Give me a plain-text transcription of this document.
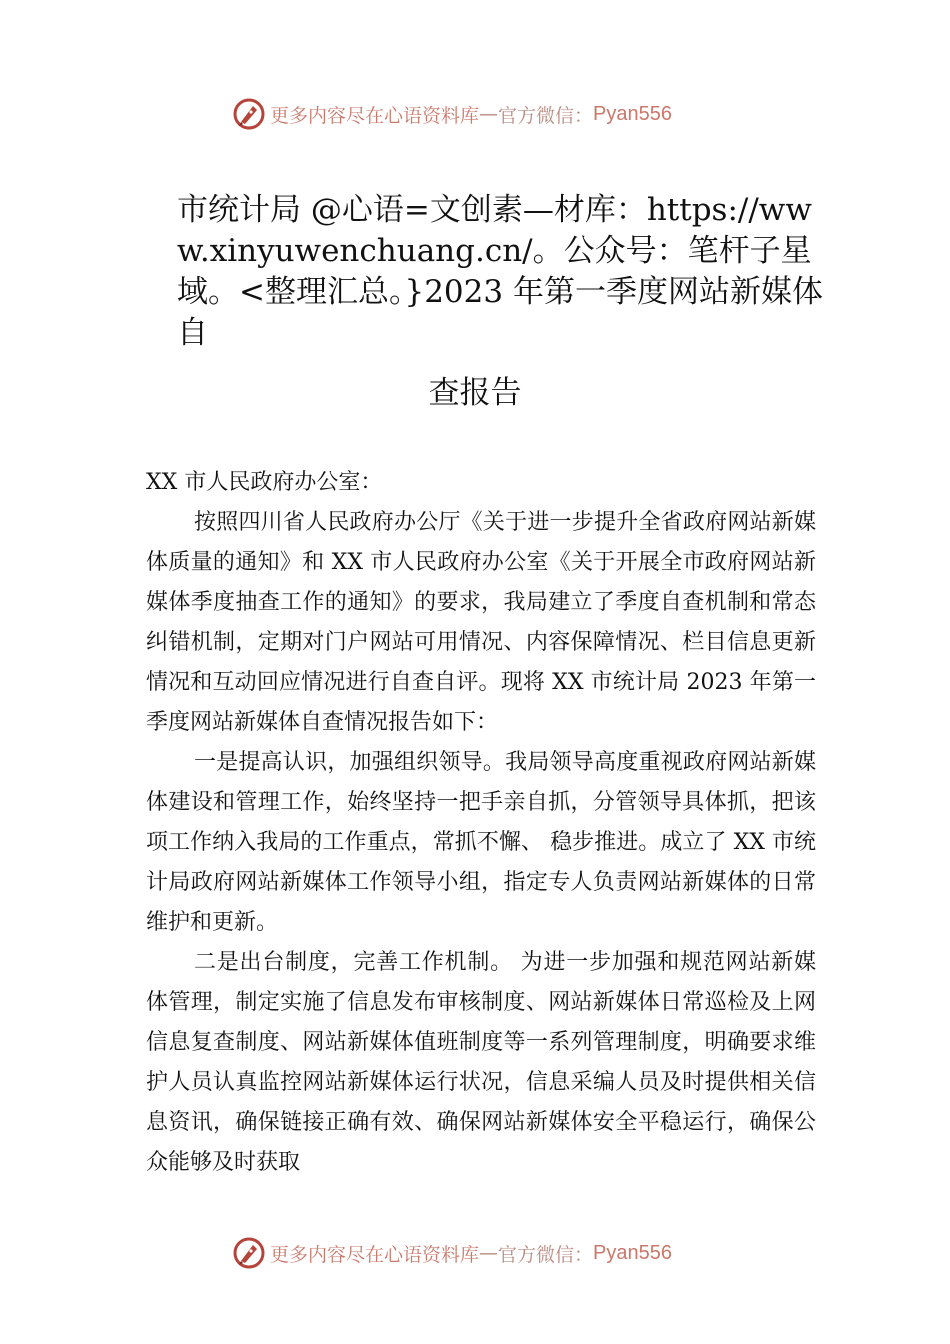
更多内容尽在心语资料库 — 官方微信： Pyan556
市统计局 @心语=文创素—材库：https://www.xinyuwenchuang.cn/。公众号：笔杆子星域。<整理汇总。}2023 年第一季度网站新媒体自
查报告

XX 市人民政府办公室：

按照四川省人民政府办公厅《关于进一步提升全省政府网站新媒体质量的通知》和 XX 市人民政府办公室《关于开展全市政府网站新媒体季度抽查工作的通知》的要求，我局建立了季度自查机制和常态纠错机制，定期对门户网站可用情况、内容保障情况、栏目信息更新情况和互动回应情况进行自查自评。现将 XX 市统计局 2023 年第一季度网站新媒体自查情况报告如下：

一是提高认识，加强组织领导。我局领导高度重视政府网站新媒体建设和管理工作，始终坚持一把手亲自抓，分管领导具体抓，把该项工作纳入我局的工作重点，常抓不懈、 稳步推进。成立了 XX 市统计局政府网站新媒体工作领导小组，指定专人负责网站新媒体的日常维护和更新。

二是出台制度，完善工作机制。 为进一步加强和规范网站新媒体管理，制定实施了信息发布审核制度、网站新媒体日常巡检及上网信息复查制度、网站新媒体值班制度等一系列管理制度，明确要求维护人员认真监控网站新媒体运行状况，信息采编人员及时提供相关信息资讯，确保链接正确有效、确保网站新媒体安全平稳运行，确保公众能够及时获取

更多内容尽在心语资料库 — 官方微信： Pyan556
